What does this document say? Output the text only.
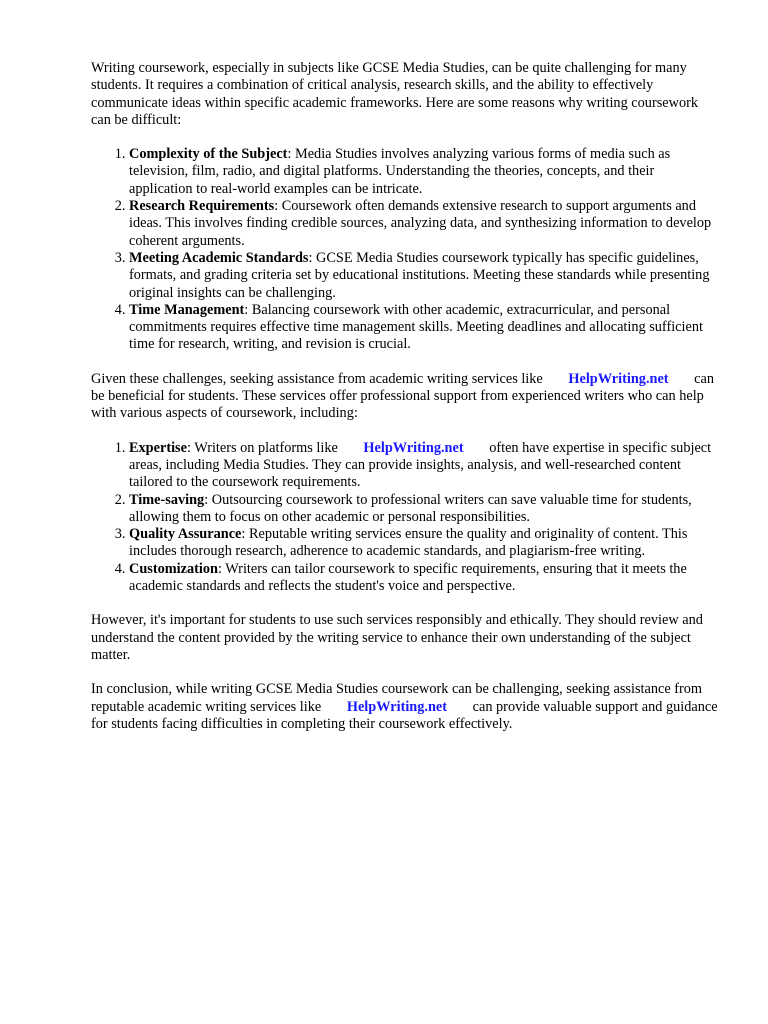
Writing coursework, especially in subjects like GCSE Media Studies, can be quite challenging for many students. It requires a combination of critical analysis, research skills, and the ability to effectively communicate ideas within specific academic frameworks. Here are some reasons why writing coursework can be difficult:

1. Complexity of the Subject: Media Studies involves analyzing various forms of media such as television, film, radio, and digital platforms. Understanding the theories, concepts, and their application to real-world examples can be intricate.
2. Research Requirements: Coursework often demands extensive research to support arguments and ideas. This involves finding credible sources, analyzing data, and synthesizing information to develop coherent arguments.
3. Meeting Academic Standards: GCSE Media Studies coursework typically has specific guidelines, formats, and grading criteria set by educational institutions. Meeting these standards while presenting original insights can be challenging.
4. Time Management: Balancing coursework with other academic, extracurricular, and personal commitments requires effective time management skills. Meeting deadlines and allocating sufficient time for research, writing, and revision is crucial.

Given these challenges, seeking assistance from academic writing services like HelpWriting.net can be beneficial for students. These services offer professional support from experienced writers who can help with various aspects of coursework, including:

1. Expertise: Writers on platforms like HelpWriting.net often have expertise in specific subject areas, including Media Studies. They can provide insights, analysis, and well-researched content tailored to the coursework requirements.
2. Time-saving: Outsourcing coursework to professional writers can save valuable time for students, allowing them to focus on other academic or personal responsibilities.
3. Quality Assurance: Reputable writing services ensure the quality and originality of content. This includes thorough research, adherence to academic standards, and plagiarism-free writing.
4. Customization: Writers can tailor coursework to specific requirements, ensuring that it meets the academic standards and reflects the student's voice and perspective.

However, it's important for students to use such services responsibly and ethically. They should review and understand the content provided by the writing service to enhance their own understanding of the subject matter.

In conclusion, while writing GCSE Media Studies coursework can be challenging, seeking assistance from reputable academic writing services like HelpWriting.net can provide valuable support and guidance for students facing difficulties in completing their coursework effectively.
